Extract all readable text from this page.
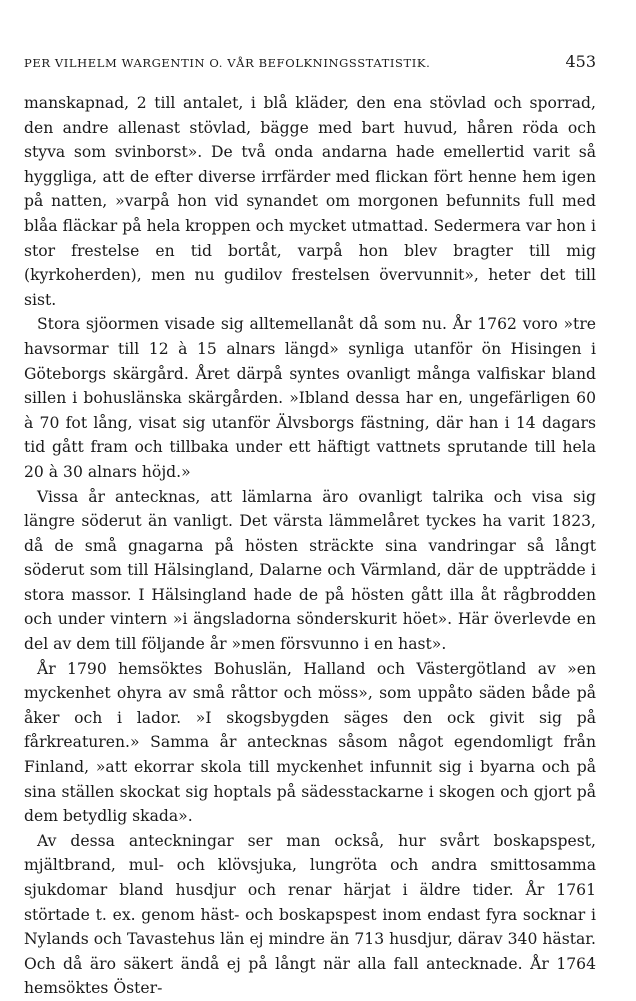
PER VILHELM WARGENTIN O. VÅR BEFOLKNINGSSTATISTIK.	453

manskapnad, 2 till antalet, i blå kläder, den ena stövlad och sporrad, den andre allenast stövlad, bägge med bart huvud, håren röda och styva som svinborst». De två onda andarna hade emellertid varit så hyggliga, att de efter diverse irrfärder med flickan fört henne hem igen på natten, »varpå hon vid synandet om morgonen befunnits full med blåa fläckar på hela kroppen och mycket utmattad. Sedermera var hon i stor frestelse en tid bortåt, varpå hon blev bragter till mig (kyrkoherden), men nu gudilov frestelsen övervunnit», heter det till sist.

Stora sjöormen visade sig alltemellanåt då som nu. År 1762 voro »tre havsormar till 12 à 15 alnars längd» synliga utanför ön Hisingen i Göteborgs skärgård. Året därpå syntes ovanligt många valfiskar bland sillen i bohuslänska skärgården. »Ibland dessa har en, ungefärligen 60 à 70 fot lång, visat sig utanför Älvsborgs fästning, där han i 14 dagars tid gått fram och tillbaka under ett häftigt vattnets sprutande till hela 20 à 30 alnars höjd.»

Vissa år antecknas, att lämlarna äro ovanligt talrika och visa sig längre söderut än vanligt. Det värsta lämmelåret tyckes ha varit 1823, då de små gnagarna på hösten sträckte sina vandringar så långt söderut som till Hälsingland, Dalarne och Värmland, där de uppträdde i stora massor. I Hälsingland hade de på hösten gått illa åt rågbrodden och under vintern »i ängsladorna sönderskurit höet». Här överlevde en del av dem till följande år »men försvunno i en hast».

År 1790 hemsöktes Bohuslän, Halland och Västergötland av »en myckenhet ohyra av små råttor och möss», som uppåto säden både på åker och i lador. »I skogsbygden säges den ock givit sig på fårkreaturen.» Samma år antecknas såsom något egendomligt från Finland, »att ekorrar skola till myckenhet infunnit sig i byarna och på sina ställen skockat sig hoptals på sädesstackarne i skogen och gjort på dem betydlig skada».

Av dessa anteckningar ser man också, hur svårt boskapspest, mjältbrand, mul- och klövsjuka, lungröta och andra smittosamma sjukdomar bland husdjur och renar härjat i äldre tider. År 1761 störtade t. ex. genom häst- och boskapspest inom endast fyra socknar i Nylands och Tavastehus län ej mindre än 713 husdjur, därav 340 hästar. Och då äro säkert ändå ej på långt när alla fall antecknade. År 1764 hemsöktes Öster-
